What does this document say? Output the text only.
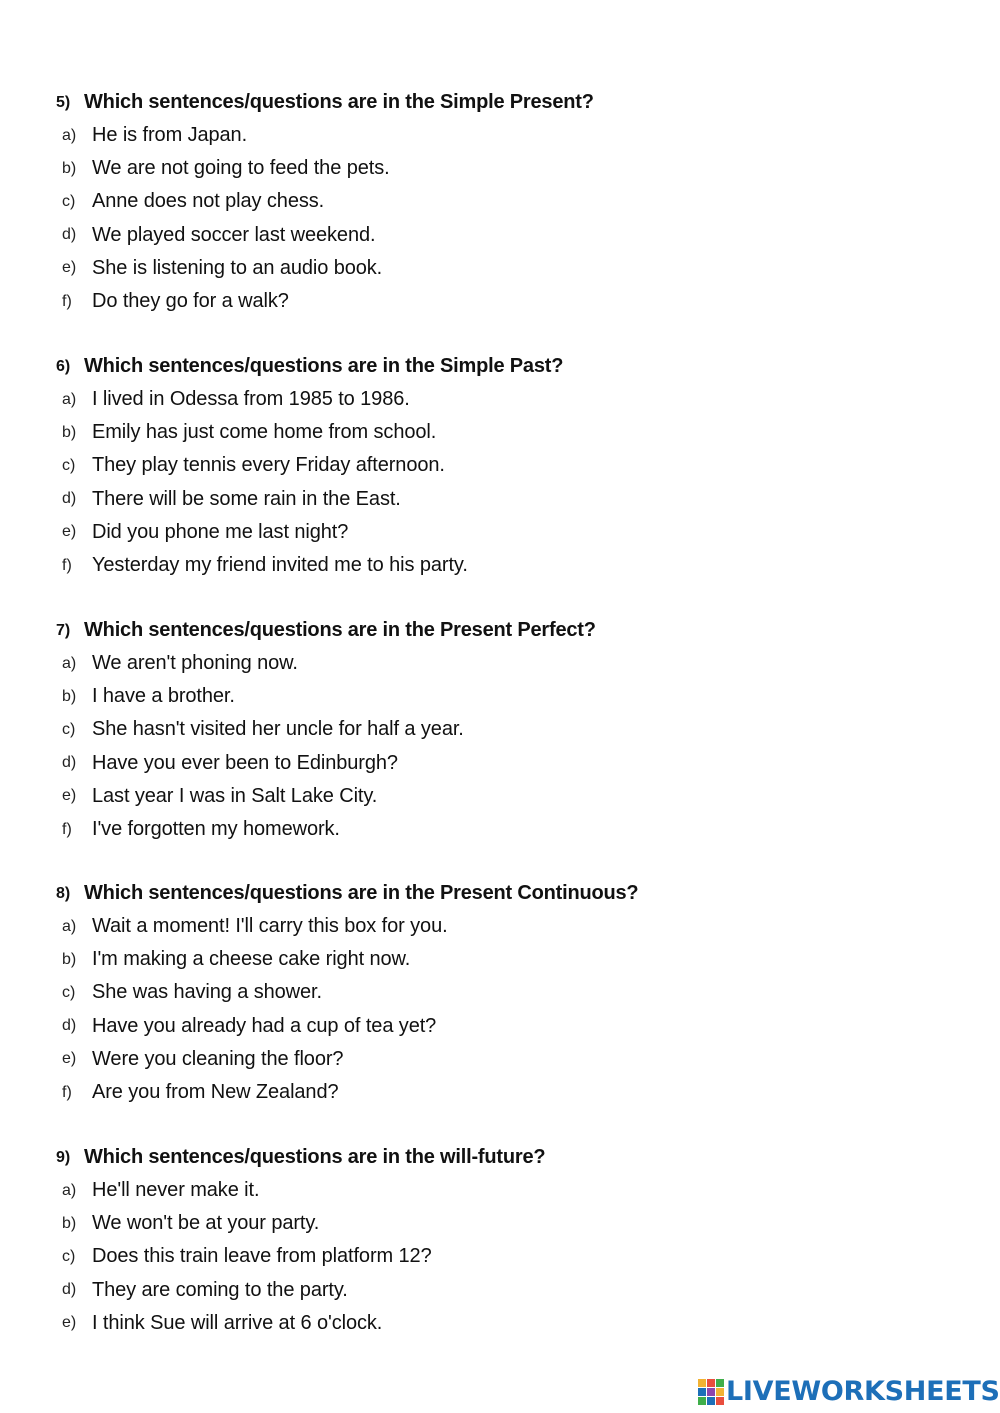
5) Which sentences/questions are in the Simple Present?
a) He is from Japan.
b) We are not going to feed the pets.
c) Anne does not play chess.
d) We played soccer last weekend.
e) She is listening to an audio book.
f)	Do they go for a walk?
6) Which sentences/questions are in the Simple Past?
a) I lived in Odessa from 1985 to 1986.
b) Emily has just come home from school.
c) They play tennis every Friday afternoon.
d) There will be some rain in the East.
e) Did you phone me last night?
f)	Yesterday my friend invited me to his party.
7) Which sentences/questions are in the Present Perfect?
a) We aren't phoning now.
b) I have a brother.
c) She hasn't visited her uncle for half a year.
d) Have you ever been to Edinburgh?
e) Last year I was in Salt Lake City.
f)	I've forgotten my homework.
8) Which sentences/questions are in the Present Continuous?
a) Wait a moment! I'll carry this box for you.
b) I'm making a cheese cake right now.
c) She was having a shower.
d) Have you already had a cup of tea yet?
e) Were you cleaning the floor?
f)	Are you from New Zealand?
9) Which sentences/questions are in the will-future?
a) He'll never make it.
b) We won't be at your party.
c) Does this train leave from platform 12?
d) They are coming to the party.
e) I think Sue will arrive at 6 o'clock.
LIVEWORKSHEETS
